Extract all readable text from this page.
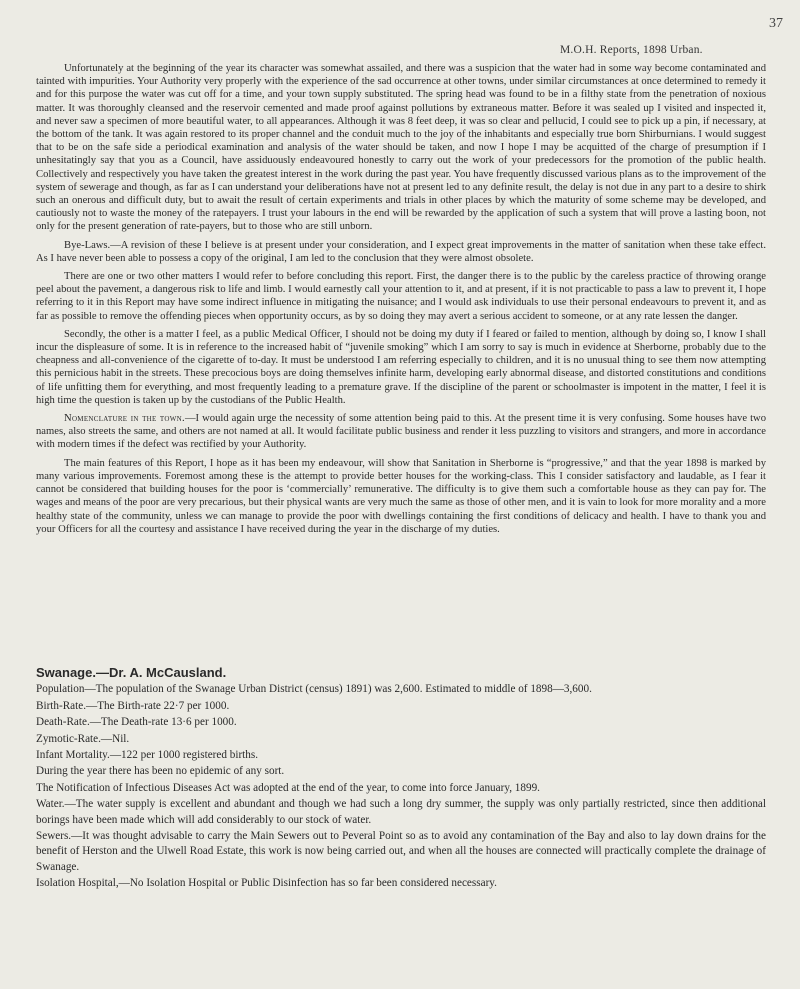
37
M.O.H. Reports, 1898 Urban.

Unfortunately at the beginning of the year its character was somewhat assailed, and there was a suspicion that the water had in some way become contaminated and tainted with impurities. Your Authority very properly with the experience of the sad occurrence at other towns, under similar circumstances at once determined to remedy it and for this purpose the water was cut off for a time, and your town supply substituted. The spring head was found to be in a filthy state from the penetration of noxious matter. It was thoroughly cleansed and the reservoir cemented and made proof against pollutions by extraneous matter. Before it was sealed up I visited and inspected it, and never saw a specimen of more beautiful water, to all appearances. Although it was 8 feet deep, it was so clear and pellucid, I could see to pick up a pin, if necessary, at the bottom of the tank. It was again restored to its proper channel and the conduit much to the joy of the inhabitants and especially true born Shirburnians. I would suggest that to be on the safe side a periodical examination and analysis of the water should be taken, and now I hope I may be acquitted of the charge of presumption if I unhesitatingly say that you as a Council, have assiduously endeavoured honestly to carry out the work of your predecessors for the promotion of the public health. Collectively and respectively you have taken the greatest interest in the work during the past year. You have frequently discussed various plans as to the improvement of the system of sewerage and though, as far as I can understand your deliberations have not at present led to any definite result, the delay is not due in any part to a desire to shirk such an onerous and difficult duty, but to await the result of certain experiments and trials in other places by which the maturity of some scheme may be developed, and cautiously not to waste the money of the ratepayers. I trust your labours in the end will be rewarded by the application of such a system that will prove a lasting boon, not only for the present generation of rate-payers, but to those who are still unborn.

Bye-Laws.—A revision of these I believe is at present under your consideration, and I expect great improvements in the matter of sanitation when these take effect. As I have never been able to possess a copy of the original, I am led to the conclusion that they were almost obsolete.

There are one or two other matters I would refer to before concluding this report. First, the danger there is to the public by the careless practice of throwing orange peel about the pavement, a dangerous risk to life and limb. I would earnestly call your attention to it, and at present, if it is not practicable to pass a law to prevent it, I hope referring to it in this Report may have some indirect influence in mitigating the nuisance; and I would ask individuals to use their personal endeavours to prevent it, and as far as possible to remove the offending pieces when opportunity occurs, as by so doing they may avert a serious accident to someone, or at any rate lessen the danger.

Secondly, the other is a matter I feel, as a public Medical Officer, I should not be doing my duty if I feared or failed to mention, although by doing so, I know I shall incur the displeasure of some. It is in reference to the increased habit of “juvenile smoking” which I am sorry to say is much in evidence at Sherborne, probably due to the cheapness and all-convenience of the cigarette of to-day. It must be understood I am referring especially to children, and it is no unusual thing to see them now attempting this pernicious habit in the streets. These precocious boys are doing themselves infinite harm, developing early abnormal disease, and distorted constitutions and conditions of life unfitting them for everything, and most frequently leading to a premature grave. If the discipline of the parent or schoolmaster is impotent in the matter, I feel it is high time the question is taken up by the custodians of the Public Health.

Nomenclature in the town.—I would again urge the necessity of some attention being paid to this. At the present time it is very confusing. Some houses have two names, also streets the same, and others are not named at all. It would facilitate public business and render it less puzzling to visitors and strangers, and more in accordance with modern times if the defect was rectified by your Authority.

The main features of this Report, I hope as it has been my endeavour, will show that Sanitation in Sherborne is “progressive,” and that the year 1898 is marked by many various improvements. Foremost among these is the attempt to provide better houses for the working-class. This I consider satisfactory and laudable, as I fear it cannot be considered that building houses for the poor is ‘commercially’ remunerative. The difficulty is to give them such a comfortable house as they can pay for. The wages and means of the poor are very precarious, but their physical wants are very much the same as those of other men, and it is vain to look for more morality and a more healthy state of the community, unless we can manage to provide the poor with dwellings containing the first conditions of delicacy and health. I have to thank you and your Officers for all the courtesy and assistance I have received during the year in the discharge of my duties.

Swanage.—Dr. A. McCausland.

Population—The population of the Swanage Urban District (census) 1891) was 2,600. Estimated to middle of 1898—3,600.

Birth-Rate.—The Birth-rate 22·7 per 1000.

Death-Rate.—The Death-rate 13·6 per 1000.

Zymotic-Rate.—Nil.

Infant Mortality.—122 per 1000 registered births.

During the year there has been no epidemic of any sort.

The Notification of Infectious Diseases Act was adopted at the end of the year, to come into force January, 1899.

Water.—The water supply is excellent and abundant and though we had such a long dry summer, the supply was only partially restricted, since then additional borings have been made which will add considerably to our stock of water.

Sewers.—It was thought advisable to carry the Main Sewers out to Peveral Point so as to avoid any contamination of the Bay and also to lay down drains for the benefit of Herston and the Ulwell Road Estate, this work is now being carried out, and when all the houses are connected will practically complete the drainage of Swanage.

Isolation Hospital,—No Isolation Hospital or Public Disinfection has so far been considered necessary.
